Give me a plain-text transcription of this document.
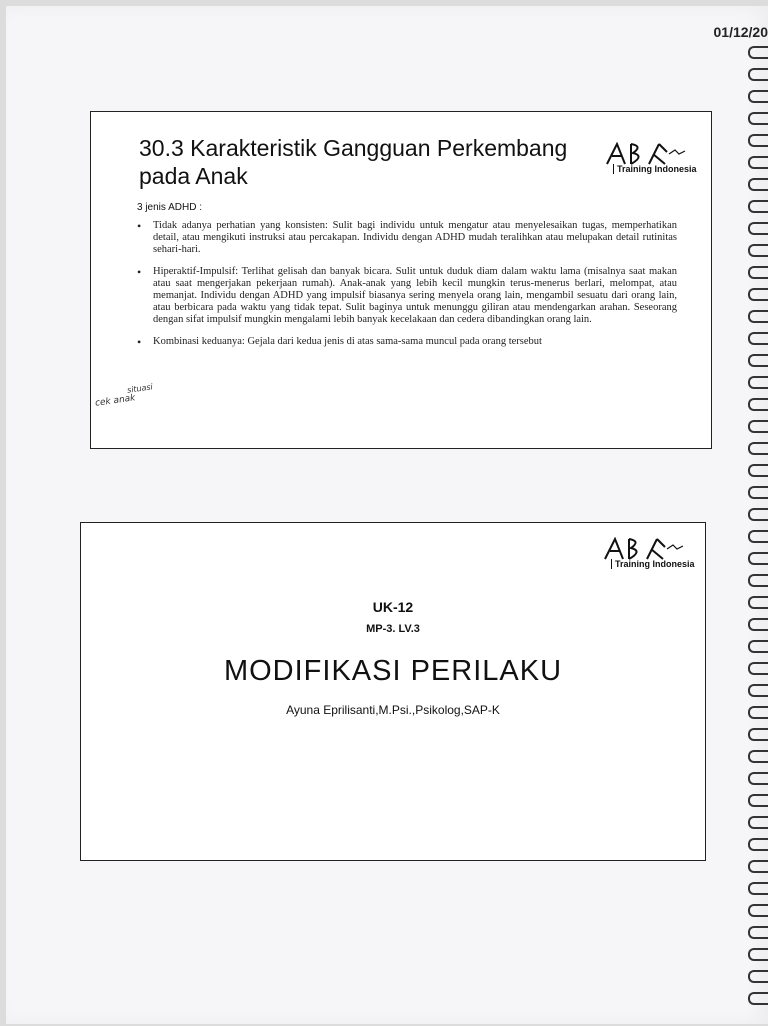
01/12/20
30.3 Karakteristik Gangguan Perkembang pada Anak	Training Indonesia
3 jenis ADHD :
• Tidak adanya perhatian yang konsisten: Sulit bagi individu untuk mengatur atau menyelesaikan tugas, memperhatikan detail, atau mengikuti instruksi atau percakapan. Individu dengan ADHD mudah teralihkan atau melupakan detail rutinitas sehari-hari.
• Hiperaktif-Impulsif: Terlihat gelisah dan banyak bicara. Sulit untuk duduk diam dalam waktu lama (misalnya saat makan atau saat mengerjakan pekerjaan rumah). Anak-anak yang lebih kecil mungkin terus-menerus berlari, melompat, atau memanjat. Individu dengan ADHD yang impulsif biasanya sering menyela orang lain, mengambil sesuatu dari orang lain, atau berbicara pada waktu yang tidak tepat. Sulit baginya untuk menunggu giliran atau mendengarkan arahan. Seseorang dengan sifat impulsif mungkin mengalami lebih banyak kecelakaan dan cedera dibandingkan orang lain.
• Kombinasi keduanya: Gejala dari kedua jenis di atas sama-sama muncul pada orang tersebut
situasi
cek anak
Training Indonesia
UK-12
MP-3. LV.3
MODIFIKASI PERILAKU
Ayuna Eprilisanti,M.Psi.,Psikolog,SAP-K
